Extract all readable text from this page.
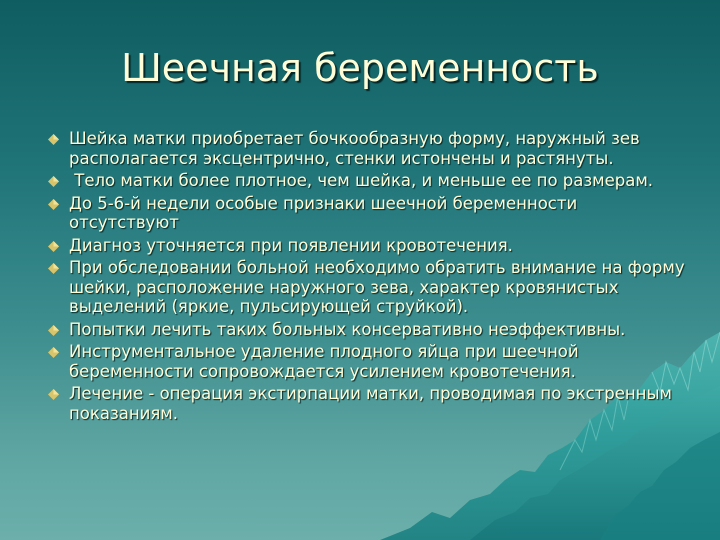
Шеечная беременность
Шейка матки приобретает бочкообразную форму, наружный зев располагается эксцентрично, стенки истончены и растянуты.
Тело матки более плотное, чем шейка, и меньше ее по размерам.
До 5-6-й недели особые признаки шеечной беременности отсутствуют
Диагноз уточняется при появлении кровотечения.
При обследовании больной необходимо обратить внимание на форму шейки, расположение наружного зева, характер кровянистых выделений (яркие, пульсирующей струйкой).
Попытки лечить таких больных консервативно неэффективны.
Инструментальное удаление плодного яйца при шеечной беременности сопровождается усилением кровотечения.
Лечение - операция экстирпации матки, проводимая по экстренным показаниям.
